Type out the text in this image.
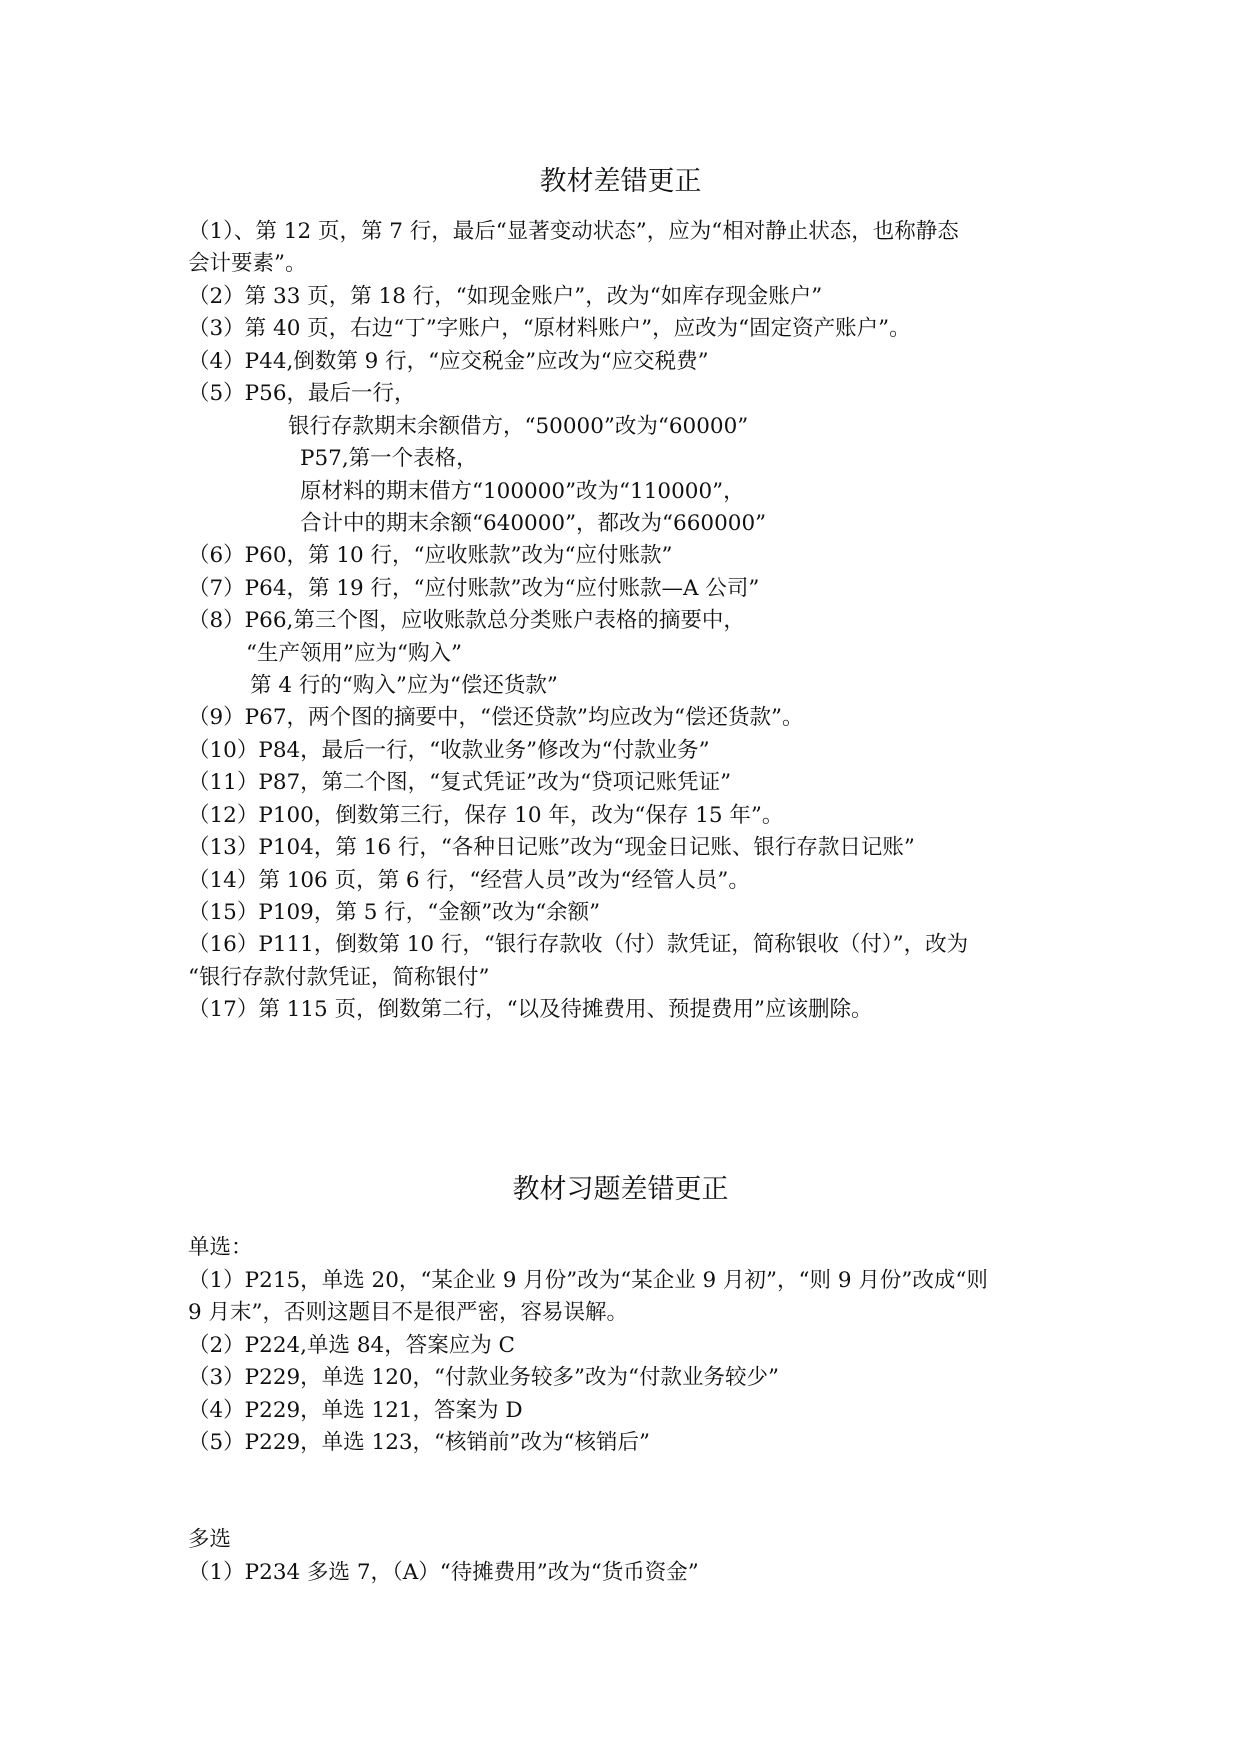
教材差错更正
（1）、第 12 页，第 7 行，最后“显著变动状态”，应为“相对静止状态，也称静态
会计要素”。
（2）第 33 页，第 18 行，“如现金账户”，改为“如库存现金账户”
（3）第 40 页，右边“丁”字账户，“原材料账户”，应改为“固定资产账户”。
（4）P44,倒数第 9 行，“应交税金”应改为“应交税费”
（5）P56，最后一行，
银行存款期末余额借方，“50000”改为“60000”
P57,第一个表格，
原材料的期末借方“100000”改为“110000”，
合计中的期末余额“640000”，都改为“660000”
（6）P60，第 10 行，“应收账款”改为“应付账款”
（7）P64，第 19 行，“应付账款”改为“应付账款—A 公司”
（8）P66,第三个图，应收账款总分类账户表格的摘要中，
“生产领用”应为“购入”
第 4 行的“购入”应为“偿还货款”
（9）P67，两个图的摘要中，“偿还贷款”均应改为“偿还货款”。
（10）P84，最后一行，“收款业务”修改为“付款业务”
（11）P87，第二个图，“复式凭证”改为“贷项记账凭证”
（12）P100，倒数第三行，保存 10 年，改为“保存 15 年”。
（13）P104，第 16 行，“各种日记账”改为“现金日记账、银行存款日记账”
（14）第 106 页，第 6 行，“经营人员”改为“经管人员”。
（15）P109，第 5 行，“金额”改为“余额”
（16）P111，倒数第 10 行，“银行存款收（付）款凭证，简称银收（付）”，改为
“银行存款付款凭证，简称银付”
（17）第 115 页，倒数第二行，“以及待摊费用、预提费用”应该删除。
教材习题差错更正
单选：
（1）P215，单选 20，“某企业 9 月份”改为“某企业 9 月初”，“则 9 月份”改成“则
9 月末”，否则这题目不是很严密，容易误解。
（2）P224,单选 84，答案应为 C
（3）P229，单选 120，“付款业务较多”改为“付款业务较少”
（4）P229，单选 121，答案为 D
（5）P229，单选 123，“核销前”改为“核销后”
多选
（1）P234 多选 7，（A）“待摊费用”改为“货币资金”
